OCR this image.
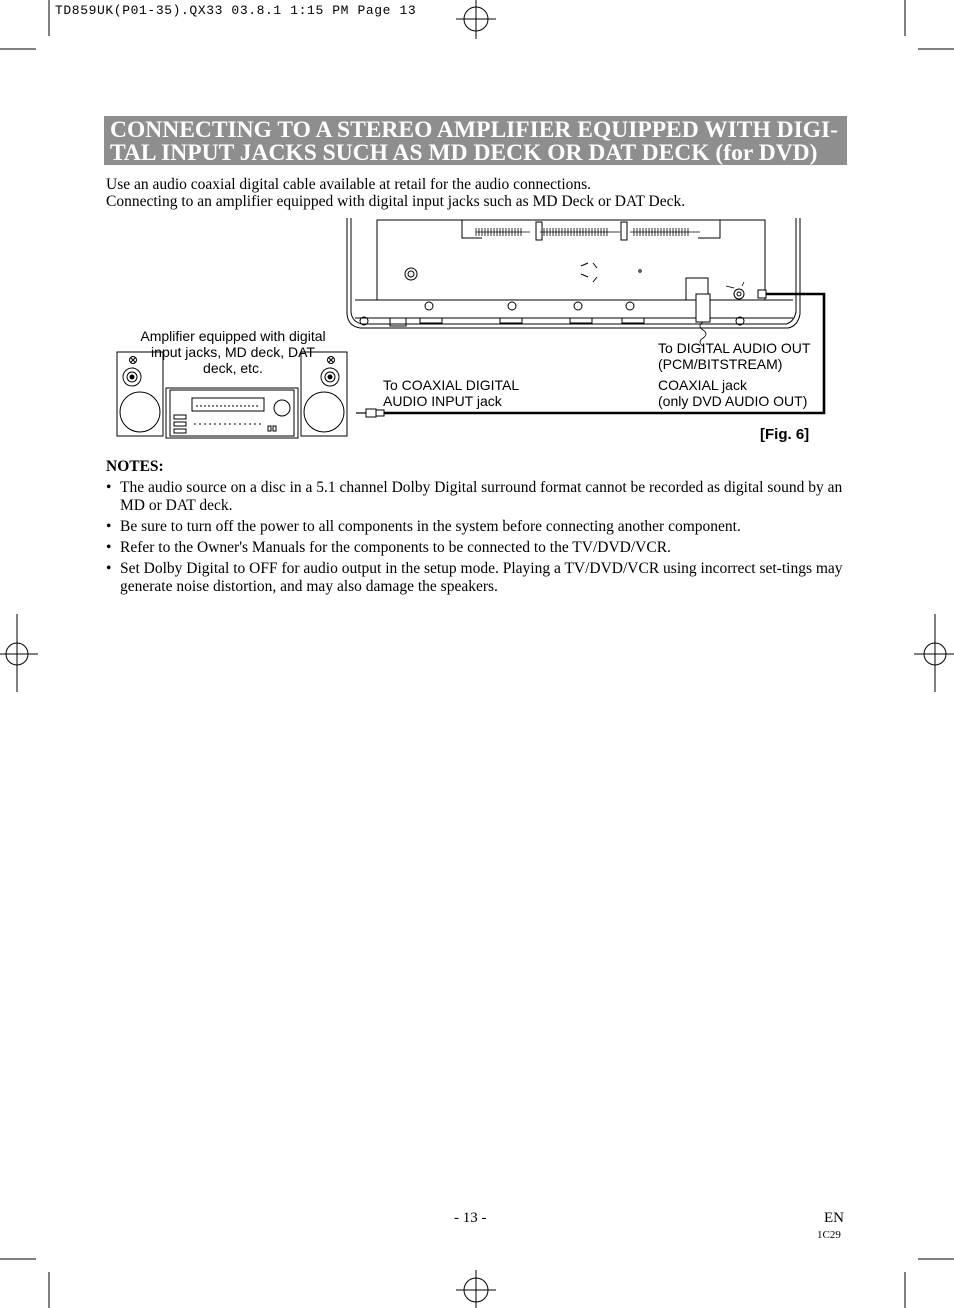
TD859UK(P01-35).QX33 03.8.1 1:15 PM Page 13
CONNECTING TO A STEREO AMPLIFIER EQUIPPED WITH DIGI-
TAL INPUT JACKS SUCH AS MD DECK OR DAT DECK (for DVD)
Use an audio coaxial digital cable available at retail for the audio connections.
Connecting to an amplifier equipped with digital input jacks such as MD Deck or DAT Deck.
Amplifier equipped with digital input jacks, MD deck, DAT deck, etc.
To COAXIAL DIGITAL
AUDIO INPUT jack
To DIGITAL AUDIO OUT
(PCM/BITSTREAM)
COAXIAL jack
(only DVD AUDIO OUT)
[Fig. 6]
NOTES:
• The audio source on a disc in a 5.1 channel Dolby Digital surround format cannot be recorded as digital sound by an MD or DAT deck.
• Be sure to turn off the power to all components in the system before connecting another component.
• Refer to the Owner's Manuals for the components to be connected to the TV/DVD/VCR.
• Set Dolby Digital to OFF for audio output in the setup mode. Playing a TV/DVD/VCR using incorrect set-tings may generate noise distortion, and may also damage the speakers.
- 13 -	EN
1C29
